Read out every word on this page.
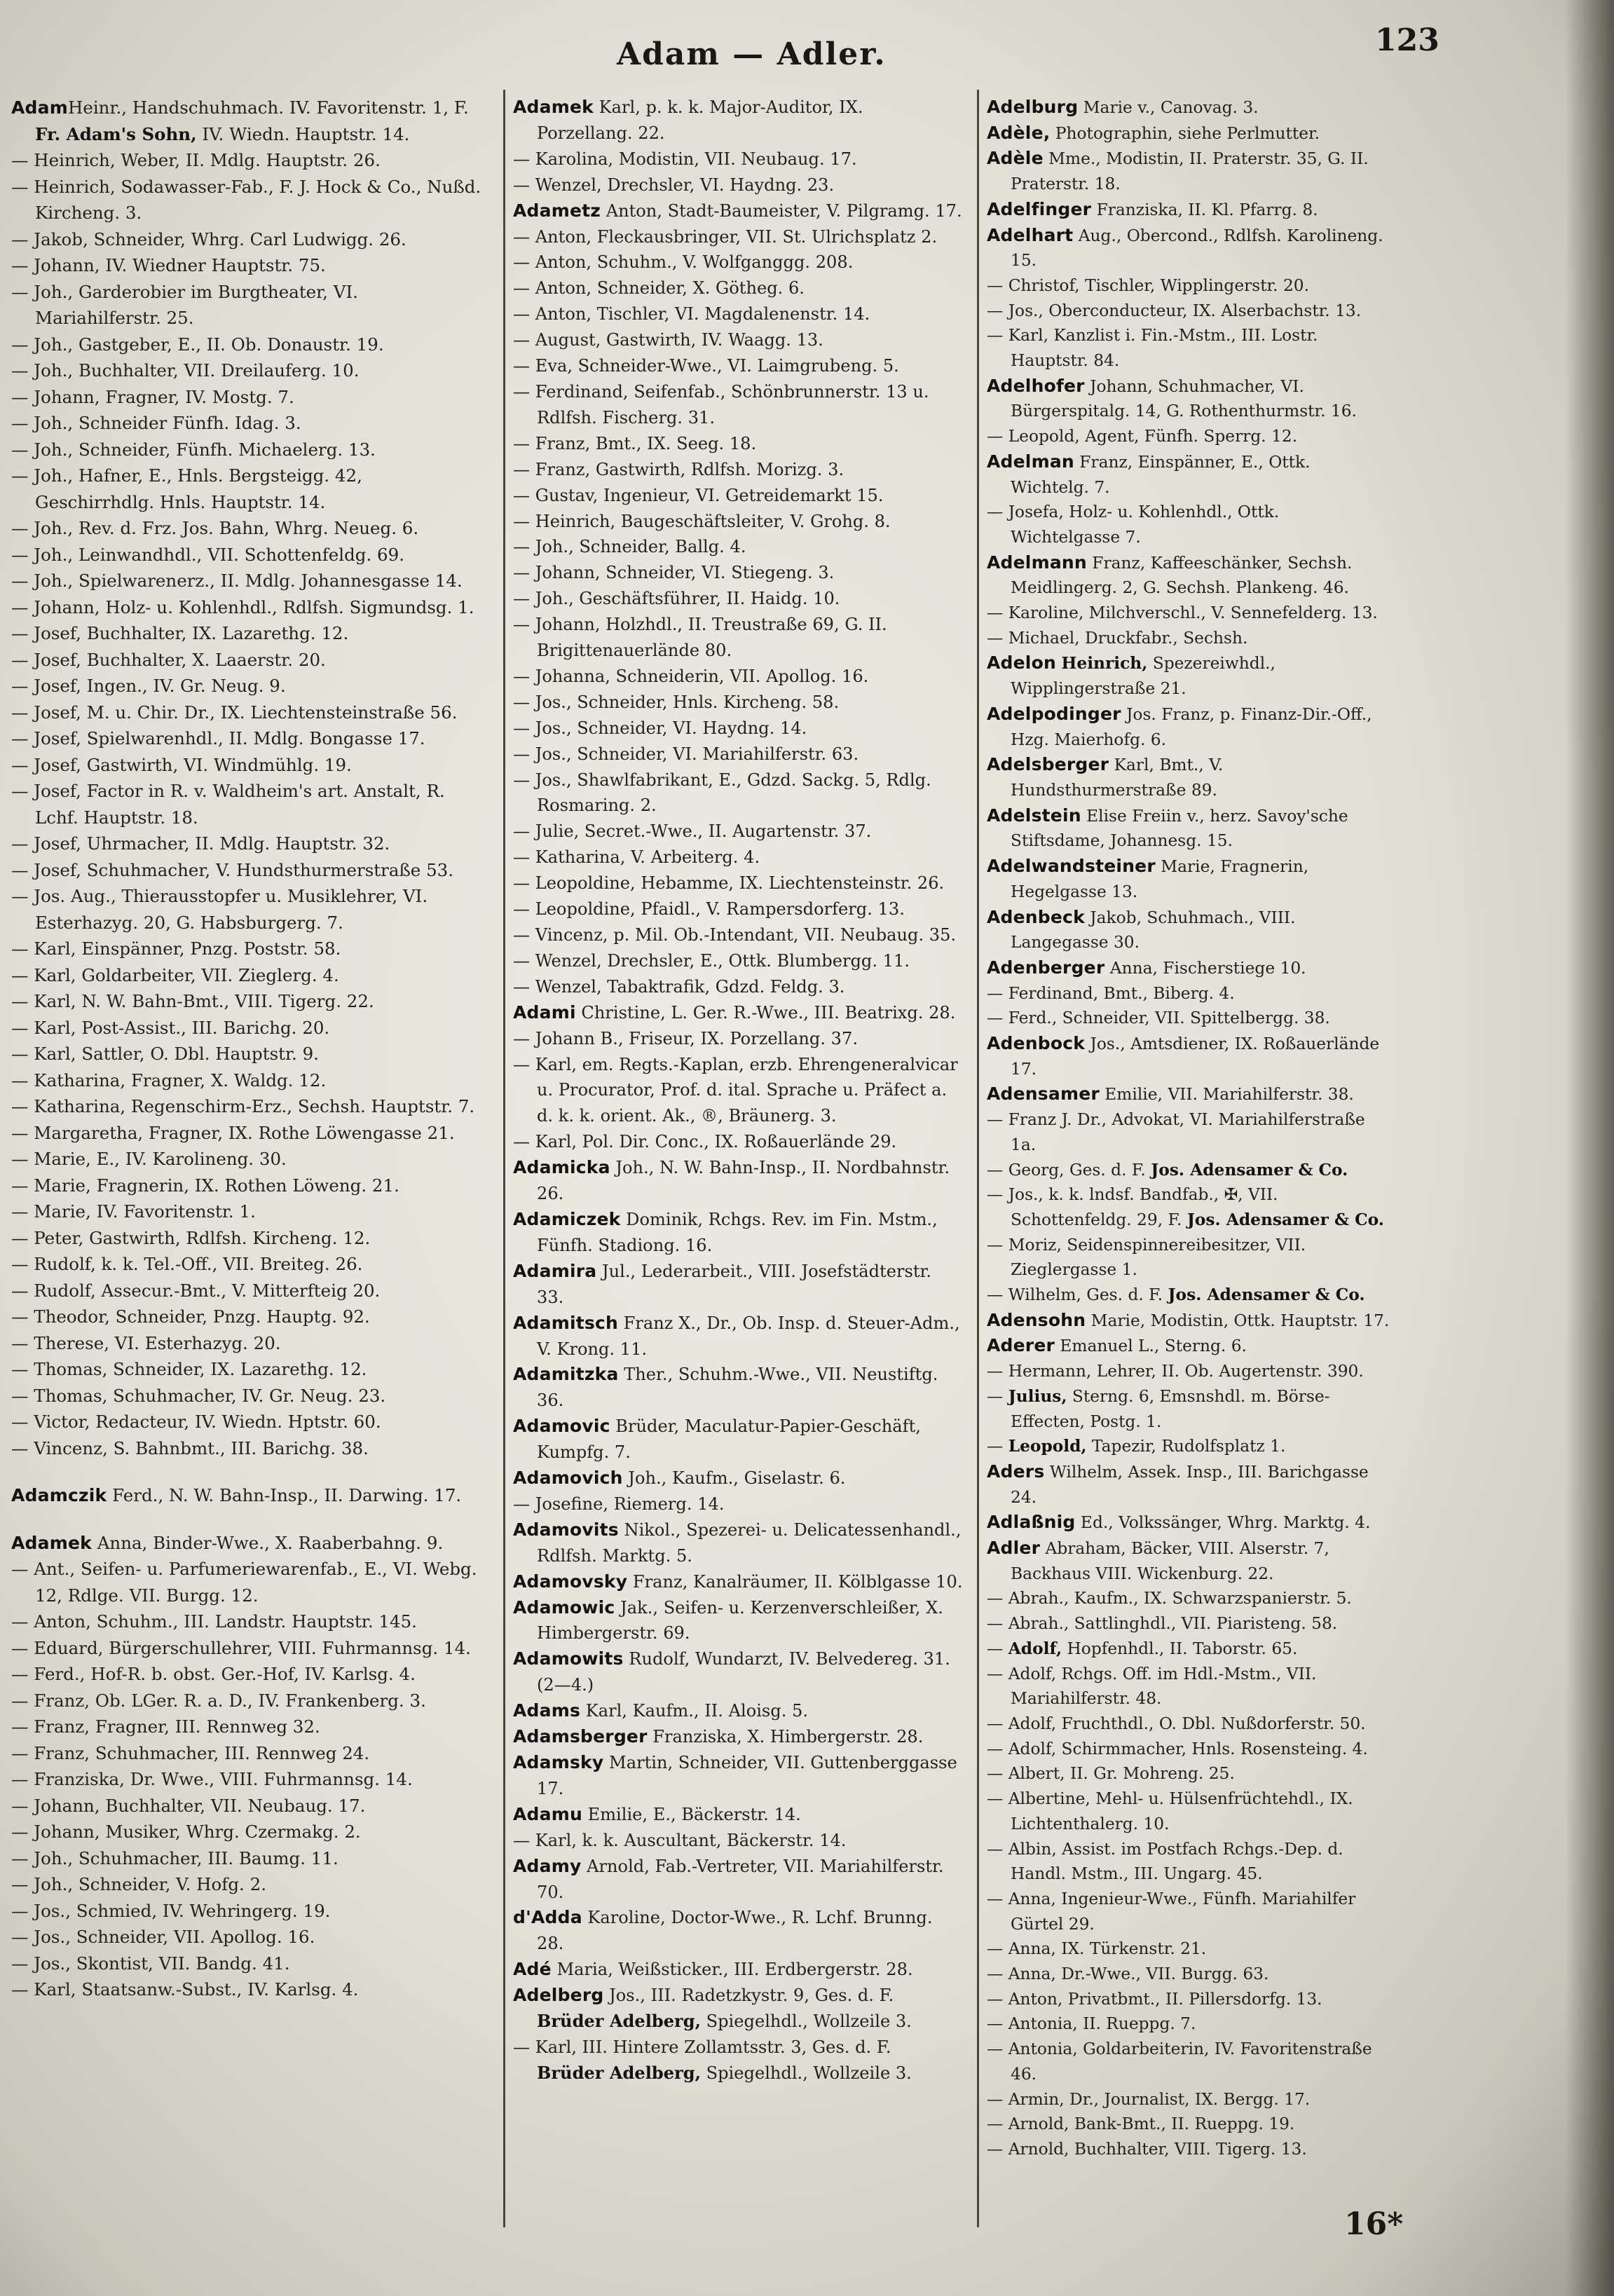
Adam — Adler.	123
AdamHeinr., Handschuhmach. IV. Favoritenstr. 1, F. Fr. Adam's Sohn, IV. Wiedn. Hauptstr. 14.
— Heinrich, Weber, II. Mdlg. Hauptstr. 26.
— Heinrich, Sodawasser-Fab., F. J. Hock & Co., Nußd. Kircheng. 3.
— Jakob, Schneider, Whrg. Carl Ludwigg. 26.
— Johann, IV. Wiedner Hauptstr. 75.
— Joh., Garderobier im Burgtheater, VI. Mariahilferstr. 25.
— Joh., Gastgeber, E., II. Ob. Donaustr. 19.
— Joh., Buchhalter, VII. Dreilauferg. 10.
— Johann, Fragner, IV. Mostg. 7.
— Joh., Schneider Fünfh. Idag. 3.
— Joh., Schneider, Fünfh. Michaelerg. 13.
— Joh., Hafner, E., Hnls. Bergsteigg. 42, Geschirrhdlg. Hnls. Hauptstr. 14.
— Joh., Rev. d. Frz. Jos. Bahn, Whrg. Neueg. 6.
— Joh., Leinwandhdl., VII. Schottenfeldg. 69.
— Joh., Spielwarenerz., II. Mdlg. Johannesgasse 14.
— Johann, Holz- u. Kohlenhdl., Rdlfsh. Sigmundsg. 1.
— Josef, Buchhalter, IX. Lazarethg. 12.
— Josef, Buchhalter, X. Laaerstr. 20.
— Josef, Ingen., IV. Gr. Neug. 9.
— Josef, M. u. Chir. Dr., IX. Liechtensteinstraße 56.
— Josef, Spielwarenhdl., II. Mdlg. Bongasse 17.
— Josef, Gastwirth, VI. Windmühlg. 19.
— Josef, Factor in R. v. Waldheim's art. Anstalt, R. Lchf. Hauptstr. 18.
— Josef, Uhrmacher, II. Mdlg. Hauptstr. 32.
— Josef, Schuhmacher, V. Hundsthurmerstraße 53.
— Jos. Aug., Thierausstopfer u. Musiklehrer, VI. Esterhazyg. 20, G. Habsburgerg. 7.
— Karl, Einspänner, Pnzg. Poststr. 58.
— Karl, Goldarbeiter, VII. Zieglerg. 4.
— Karl, N. W. Bahn-Bmt., VIII. Tigerg. 22.
— Karl, Post-Assist., III. Barichg. 20.
— Karl, Sattler, O. Dbl. Hauptstr. 9.
— Katharina, Fragner, X. Waldg. 12.
— Katharina, Regenschirm-Erz., Sechsh. Hauptstr. 7.
— Margaretha, Fragner, IX. Rothe Löwengasse 21.
— Marie, E., IV. Karolineng. 30.
— Marie, Fragnerin, IX. Rothen Löweng. 21.
— Marie, IV. Favoritenstr. 1.
— Peter, Gastwirth, Rdlfsh. Kircheng. 12.
— Rudolf, k. k. Tel.-Off., VII. Breiteg. 26.
— Rudolf, Assecur.-Bmt., V. Mitterfteig 20.
— Theodor, Schneider, Pnzg. Hauptg. 92.
— Therese, VI. Esterhazyg. 20.
— Thomas, Schneider, IX. Lazarethg. 12.
— Thomas, Schuhmacher, IV. Gr. Neug. 23.
— Victor, Redacteur, IV. Wiedn. Hptstr. 60.
— Vincenz, S. Bahnbmt., III. Barichg. 38.
Adamczik Ferd., N. W. Bahn-Insp., II. Darwing. 17.
Adamek Anna, Binder-Wwe., X. Raaberbahng. 9.
— Ant., Seifen- u. Parfumeriewarenfab., E., VI. Webg. 12, Rdlge. VII. Burgg. 12.
— Anton, Schuhm., III. Landstr. Hauptstr. 145.
— Eduard, Bürgerschullehrer, VIII. Fuhrmannsg. 14.
— Ferd., Hof-R. b. obst. Ger.-Hof, IV. Karlsg. 4.
— Franz, Ob. LGer. R. a. D., IV. Frankenberg. 3.
— Franz, Fragner, III. Rennweg 32.
— Franz, Schuhmacher, III. Rennweg 24.
— Franziska, Dr. Wwe., VIII. Fuhrmannsg. 14.
— Johann, Buchhalter, VII. Neubaug. 17.
— Johann, Musiker, Whrg. Czermakg. 2.
— Joh., Schuhmacher, III. Baumg. 11.
— Joh., Schneider, V. Hofg. 2.
— Jos., Schmied, IV. Wehringerg. 19.
— Jos., Schneider, VII. Apollog. 16.
— Jos., Skontist, VII. Bandg. 41.
— Karl, Staatsanw.-Subst., IV. Karlsg. 4.
Adamek Karl, p. k. k. Major-Auditor, IX. Porzellang. 22.
— Karolina, Modistin, VII. Neubaug. 17.
— Wenzel, Drechsler, VI. Haydng. 23.
Adametz Anton, Stadt-Baumeister, V. Pilgramg. 17.
— Anton, Fleckausbringer, VII. St. Ulrichsplatz 2.
— Anton, Schuhm., V. Wolfganggg. 208.
— Anton, Schneider, X. Götheg. 6.
— Anton, Tischler, VI. Magdalenenstr. 14.
— August, Gastwirth, IV. Waagg. 13.
— Eva, Schneider-Wwe., VI. Laimgrubeng. 5.
— Ferdinand, Seifenfab., Schönbrunnerstr. 13 u. Rdlfsh. Fischerg. 31.
— Franz, Bmt., IX. Seeg. 18.
— Franz, Gastwirth, Rdlfsh. Morizg. 3.
— Gustav, Ingenieur, VI. Getreidemarkt 15.
— Heinrich, Baugeschäftsleiter, V. Grohg. 8.
— Joh., Schneider, Ballg. 4.
— Johann, Schneider, VI. Stiegeng. 3.
— Joh., Geschäftsführer, II. Haidg. 10.
— Johann, Holzhdl., II. Treustraße 69, G. II. Brigittenauerlände 80.
— Johanna, Schneiderin, VII. Apollog. 16.
— Jos., Schneider, Hnls. Kircheng. 58.
— Jos., Schneider, VI. Haydng. 14.
— Jos., Schneider, VI. Mariahilferstr. 63.
— Jos., Shawlfabrikant, E., Gdzd. Sackg. 5, Rdlg. Rosmaring. 2.
— Julie, Secret.-Wwe., II. Augartenstr. 37.
— Katharina, V. Arbeiterg. 4.
— Leopoldine, Hebamme, IX. Liechtensteinstr. 26.
— Leopoldine, Pfaidl., V. Rampersdorferg. 13.
— Vincenz, p. Mil. Ob.-Intendant, VII. Neubaug. 35.
— Wenzel, Drechsler, E., Ottk. Blumbergg. 11.
— Wenzel, Tabaktrafik, Gdzd. Feldg. 3.
Adami Christine, L. Ger. R.-Wwe., III. Beatrixg. 28.
— Johann B., Friseur, IX. Porzellang. 37.
— Karl, em. Regts.-Kaplan, erzb. Ehrengeneralvicar u. Procurator, Prof. d. ital. Sprache u. Präfect a. d. k. k. orient. Ak., ®, Bräunerg. 3.
— Karl, Pol. Dir. Conc., IX. Roßauerlände 29.
Adamicka Joh., N. W. Bahn-Insp., II. Nordbahnstr. 26.
Adamiczek Dominik, Rchgs. Rev. im Fin. Mstm., Fünfh. Stadiong. 16.
Adamira Jul., Lederarbeit., VIII. Josefstädterstr. 33.
Adamitsch Franz X., Dr., Ob. Insp. d. Steuer-Adm., V. Krong. 11.
Adamitzka Ther., Schuhm.-Wwe., VII. Neustiftg. 36.
Adamovic Brüder, Maculatur-Papier-Geschäft, Kumpfg. 7.
Adamovich Joh., Kaufm., Giselastr. 6.
— Josefine, Riemerg. 14.
Adamovits Nikol., Spezerei- u. Delicatessenhandl., Rdlfsh. Marktg. 5.
Adamovsky Franz, Kanalräumer, II. Kölblgasse 10.
Adamowic Jak., Seifen- u. Kerzenverschleißer, X. Himbergerstr. 69.
Adamowits Rudolf, Wundarzt, IV. Belvedereg. 31. (2—4.)
Adams Karl, Kaufm., II. Aloisg. 5.
Adamsberger Franziska, X. Himbergerstr. 28.
Adamsky Martin, Schneider, VII. Guttenberggasse 17.
Adamu Emilie, E., Bäckerstr. 14.
— Karl, k. k. Auscultant, Bäckerstr. 14.
Adamy Arnold, Fab.-Vertreter, VII. Mariahilferstr. 70.
d'Adda Karoline, Doctor-Wwe., R. Lchf. Brunng. 28.
Adé Maria, Weißsticker., III. Erdbergerstr. 28.
Adelberg Jos., III. Radetzkystr. 9, Ges. d. F. Brüder Adelberg, Spiegelhdl., Wollzeile 3.
— Karl, III. Hintere Zollamtsstr. 3, Ges. d. F. Brüder Adelberg, Spiegelhdl., Wollzeile 3.
Adelburg Marie v., Canovag. 3.
Adèle, Photographin, siehe Perlmutter.
Adèle Mme., Modistin, II. Praterstr. 35, G. II. Praterstr. 18.
Adelfinger Franziska, II. Kl. Pfarrg. 8.
Adelhart Aug., Obercond., Rdlfsh. Karolineng. 15.
— Christof, Tischler, Wipplingerstr. 20.
— Jos., Oberconducteur, IX. Alserbachstr. 13.
— Karl, Kanzlist i. Fin.-Mstm., III. Lostr. Hauptstr. 84.
Adelhofer Johann, Schuhmacher, VI. Bürgerspitalg. 14, G. Rothenthurmstr. 16.
— Leopold, Agent, Fünfh. Sperrg. 12.
Adelman Franz, Einspänner, E., Ottk. Wichtelg. 7.
— Josefa, Holz- u. Kohlenhdl., Ottk. Wichtelgasse 7.
Adelmann Franz, Kaffeeschänker, Sechsh. Meidlingerg. 2, G. Sechsh. Plankeng. 46.
— Karoline, Milchverschl., V. Sennefelderg. 13.
— Michael, Druckfabr., Sechsh.
Adelon Heinrich, Spezereiwhdl., Wipplingerstraße 21.
Adelpodinger Jos. Franz, p. Finanz-Dir.-Off., Hzg. Maierhofg. 6.
Adelsberger Karl, Bmt., V. Hundsthurmerstraße 89.
Adelstein Elise Freiin v., herz. Savoy'sche Stiftsdame, Johannesg. 15.
Adelwandsteiner Marie, Fragnerin, Hegelgasse 13.
Adenbeck Jakob, Schuhmach., VIII. Langegasse 30.
Adenberger Anna, Fischerstiege 10.
— Ferdinand, Bmt., Biberg. 4.
— Ferd., Schneider, VII. Spittelbergg. 38.
Adenbock Jos., Amtsdiener, IX. Roßauerlände 17.
Adensamer Emilie, VII. Mariahilferstr. 38.
— Franz J. Dr., Advokat, VI. Mariahilferstraße 1a.
— Georg, Ges. d. F. Jos. Adensamer & Co.
— Jos., k. k. lndsf. Bandfab., ✠, VII. Schottenfeldg. 29, F. Jos. Adensamer & Co.
— Moriz, Seidenspinnereibesitzer, VII. Zieglergasse 1.
— Wilhelm, Ges. d. F. Jos. Adensamer & Co.
Adensohn Marie, Modistin, Ottk. Hauptstr. 17.
Aderer Emanuel L., Sterng. 6.
— Hermann, Lehrer, II. Ob. Augertenstr. 390.
— Julius, Sterng. 6, Emsnshdl. m. Börse-Effecten, Postg. 1.
— Leopold, Tapezir, Rudolfsplatz 1.
Aders Wilhelm, Assek. Insp., III. Barichgasse 24.
Adlaßnig Ed., Volkssänger, Whrg. Marktg. 4.
Adler Abraham, Bäcker, VIII. Alserstr. 7, Backhaus VIII. Wickenburg. 22.
— Abrah., Kaufm., IX. Schwarzspanierstr. 5.
— Abrah., Sattlinghdl., VII. Piaristeng. 58.
— Adolf, Hopfenhdl., II. Taborstr. 65.
— Adolf, Rchgs. Off. im Hdl.-Mstm., VII. Mariahilferstr. 48.
— Adolf, Fruchthdl., O. Dbl. Nußdorferstr. 50.
— Adolf, Schirmmacher, Hnls. Rosensteing. 4.
— Albert, II. Gr. Mohreng. 25.
— Albertine, Mehl- u. Hülsenfrüchtehdl., IX. Lichtenthalerg. 10.
— Albin, Assist. im Postfach Rchgs.-Dep. d. Handl. Mstm., III. Ungarg. 45.
— Anna, Ingenieur-Wwe., Fünfh. Mariahilfer Gürtel 29.
— Anna, IX. Türkenstr. 21.
— Anna, Dr.-Wwe., VII. Burgg. 63.
— Anton, Privatbmt., II. Pillersdorfg. 13.
— Antonia, II. Rueppg. 7.
— Antonia, Goldarbeiterin, IV. Favoritenstraße 46.
— Armin, Dr., Journalist, IX. Bergg. 17.
— Arnold, Bank-Bmt., II. Rueppg. 19.
— Arnold, Buchhalter, VIII. Tigerg. 13.
16*
